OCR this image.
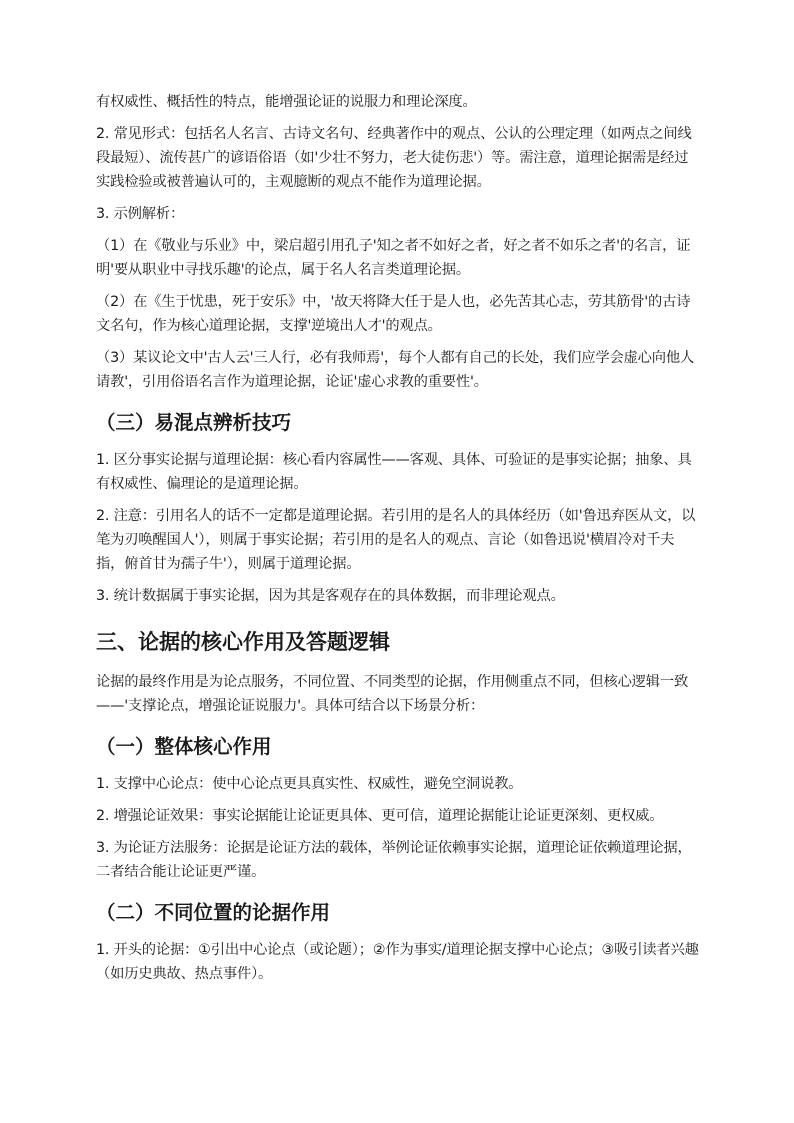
有权威性、概括性的特点，能增强论证的说服力和理论深度。

2. 常见形式：包括名人名言、古诗文名句、经典著作中的观点、公认的公理定理（如两点之间线段最短）、流传甚广的谚语俗语（如'少壮不努力，老大徒伤悲'）等。需注意，道理论据需是经过实践检验或被普遍认可的，主观臆断的观点不能作为道理论据。

3. 示例解析：

（1）在《敬业与乐业》中，梁启超引用孔子'知之者不如好之者，好之者不如乐之者'的名言，证明'要从职业中寻找乐趣'的论点，属于名人名言类道理论据。

（2）在《生于忧患，死于安乐》中，'故天将降大任于是人也，必先苦其心志，劳其筋骨'的古诗文名句，作为核心道理论据，支撑'逆境出人才'的观点。

（3）某议论文中'古人云'三人行，必有我师焉'，每个人都有自己的长处，我们应学会虚心向他人请教'，引用俗语名言作为道理论据，论证'虚心求教的重要性'。

（三）易混点辨析技巧

1. 区分事实论据与道理论据：核心看内容属性——客观、具体、可验证的是事实论据；抽象、具有权威性、偏理论的是道理论据。

2. 注意：引用名人的话不一定都是道理论据。若引用的是名人的具体经历（如'鲁迅弃医从文，以笔为刃唤醒国人'），则属于事实论据；若引用的是名人的观点、言论（如鲁迅说'横眉冷对千夫指，俯首甘为孺子牛'），则属于道理论据。

3. 统计数据属于事实论据，因为其是客观存在的具体数据，而非理论观点。

三、论据的核心作用及答题逻辑

论据的最终作用是为论点服务，不同位置、不同类型的论据，作用侧重点不同，但核心逻辑一致——'支撑论点，增强论证说服力'。具体可结合以下场景分析：

（一）整体核心作用

1. 支撑中心论点：使中心论点更具真实性、权威性，避免空洞说教。

2. 增强论证效果：事实论据能让论证更具体、更可信，道理论据能让论证更深刻、更权威。

3. 为论证方法服务：论据是论证方法的载体，举例论证依赖事实论据，道理论证依赖道理论据，二者结合能让论证更严谨。

（二）不同位置的论据作用

1. 开头的论据：①引出中心论点（或论题）；②作为事实/道理论据支撑中心论点；③吸引读者兴趣（如历史典故、热点事件）。
